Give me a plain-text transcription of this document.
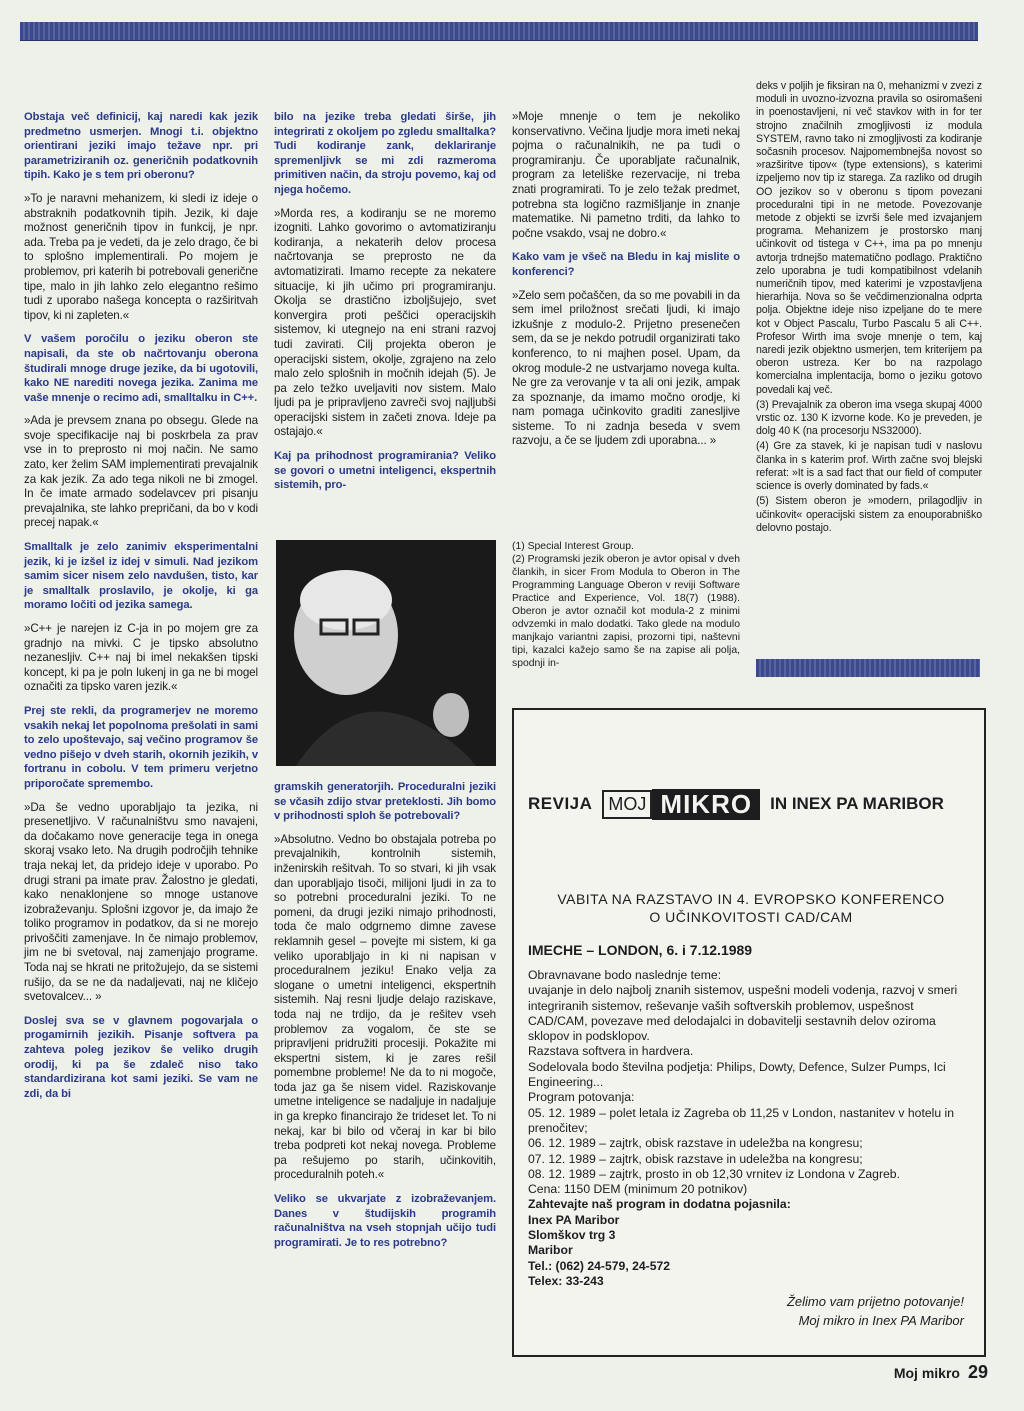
Obstaja več definicij, kaj naredi kak jezik predmetno usmerjen. Mnogi t.i. objektno orientirani jeziki imajo težave npr. pri parametriziranih oz. generičnih podatkovnih tipih. Kako je s tem pri oberonu?

»To je naravni mehanizem, ki sledi iz ideje o abstraknih podatkovnih tipih. Jezik, ki daje možnost generičnih tipov in funkcij, je npr. ada. Treba pa je vedeti, da je zelo drago, če bi to splošno implementirali. Po mojem je problemov, pri katerih bi potrebovali generične tipe, malo in jih lahko zelo elegantno rešimo tudi z uporabo našega koncepta o razširitvah tipov, ki ni zapleten.«

V vašem poročilu o jeziku oberon ste napisali, da ste ob načrtovanju oberona študirali mnoge druge jezike, da bi ugotovili, kako NE narediti novega jezika. Zanima me vaše mnenje o recimo adi, smalltalku in C++.

»Ada je prevsem znana po obsegu. Glede na svoje specifikacije naj bi poskrbela za prav vse in to preprosto ni moj način. Ne samo zato, ker želim SAM implementirati prevajalnik za kak jezik. Za ado tega nikoli ne bi zmogel. In če imate armado sodelavcev pri pisanju prevajalnika, ste lahko prepričani, da bo v kodi precej napak.«

Smalltalk je zelo zanimiv eksperimentalni jezik, ki je izšel iz idej v simuli. Nad jezikom samim sicer nisem zelo navdušen, tisto, kar je smalltalk proslavilo, je okolje, ki ga moramo ločiti od jezika samega.

»C++ je narejen iz C-ja in po mojem gre za gradnjo na mivki. C je tipsko absolutno nezanesljiv. C++ naj bi imel nekakšen tipski koncept, ki pa je poln lukenj in ga ne bi mogel označiti za tipsko varen jezik.«

Prej ste rekli, da programerjev ne moremo vsakih nekaj let popolnoma prešolati in sami to zelo upoštevajo, saj večino programov še vedno pišejo v dveh starih, okornih jezikih, v fortranu in cobolu. V tem primeru verjetno priporočate spremembo.

»Da še vedno uporabljajo ta jezika, ni presenetljivo. V računalništvu smo navajeni, da dočakamo nove generacije tega in onega skoraj vsako leto. Na drugih področjih tehnike traja nekaj let, da pridejo ideje v uporabo. Po drugi strani pa imate prav. Žalostno je gledati, kako nenaklonjene so mnoge ustanove izobraževanju. Splošni izgovor je, da imajo že toliko programov in podatkov, da si ne morejo privoščiti zamenjave. In če nimajo problemov, jim ne bi svetoval, naj zamenjajo programe. Toda naj se hkrati ne pritožujejo, da se sistemi rušijo, da se ne da nadaljevati, naj ne kličejo svetovalcev... »

Doslej sva se v glavnem pogovarjala o progamirnih jezikih. Pisanje softvera pa zahteva poleg jezikov še veliko drugih orodij, ki pa še zdaleč niso tako standardizirana kot sami jeziki. Se vam ne zdi, da bi

bilo na jezike treba gledati širše, jih integrirati z okoljem po zgledu smalltalka? Tudi kodiranje zank, deklariranje spremenljivk se mi zdi razmeroma primitiven način, da stroju povemo, kaj od njega hočemo.

»Morda res, a kodiranju se ne moremo izogniti. Lahko govorimo o avtomatiziranju kodiranja, a nekaterih delov procesa načrtovanja se preprosto ne da avtomatizirati. Imamo recepte za nekatere situacije, ki jih učimo pri programiranju. Okolja se drastično izboljšujejo, svet konvergira proti peščici operacijskih sistemov, ki utegnejo na eni strani razvoj tudi zavirati. Cilj projekta oberon je operacijski sistem, okolje, zgrajeno na zelo malo zelo splošnih in močnih idejah (5). Je pa zelo težko uveljaviti nov sistem. Malo ljudi pa je pripravljeno zavreči svoj najljubši operacijski sistem in začeti znova. Ideje pa ostajajo.«

Kaj pa prihodnost programirania? Veliko se govori o umetni inteligenci, ekspertnih sistemih, pro-

gramskih generatorjih. Proceduralni jeziki se včasih zdijo stvar preteklosti. Jih bomo v prihodnosti sploh še potrebovali?

»Absolutno. Vedno bo obstajala potreba po prevajalnikih, kontrolnih sistemih, inženirskih rešitvah. To so stvari, ki jih vsak dan uporabljajo tisoči, milijoni ljudi in za to so potrebni proceduralni jeziki. To ne pomeni, da drugi jeziki nimajo prihodnosti, toda če malo odgrnemo dimne zavese reklamnih gesel – povejte mi sistem, ki ga veliko uporabljajo in ki ni napisan v proceduralnem jeziku! Enako velja za slogane o umetni inteligenci, ekspertnih sistemih. Naj resni ljudje delajo raziskave, toda naj ne trdijo, da je rešitev vseh problemov za vogalom, če ste se pripravljeni pridružiti procesiji. Pokažite mi ekspertni sistem, ki je zares rešil pomembne probleme! Ne da to ni mogoče, toda jaz ga še nisem videl. Raziskovanje umetne inteligence se nadaljuje in nadaljuje in ga krepko financirajo že trideset let. To ni nekaj, kar bi bilo od včeraj in kar bi bilo treba podpreti kot nekaj novega. Probleme pa rešujemo po starih, učinkovitih, proceduralnih poteh.«

Veliko se ukvarjate z izobraževanjem. Danes v študijskih programih računalništva na vseh stopnjah učijo tudi programirati. Je to res potrebno?

»Moje mnenje o tem je nekoliko konservativno. Večina ljudje mora imeti nekaj pojma o računalnikih, ne pa tudi o programiranju. Če uporabljate računalnik, program za leteliške rezervacije, ni treba znati programirati. To je zelo težak predmet, potrebna sta logično razmišljanje in znanje matematike. Ni pametno trditi, da lahko to počne vsakdo, vsaj ne dobro.«

Kako vam je všeč na Bledu in kaj mislite o konferenci?

»Zelo sem počaščen, da so me povabili in da sem imel priložnost srečati ljudi, ki imajo izkušnje z modulo-2. Prijetno presenečen sem, da se je nekdo potrudil organizirati tako konferenco, to ni majhen posel. Upam, da okrog module-2 ne ustvarjamo novega kulta. Ne gre za verovanje v ta ali oni jezik, ampak za spoznanje, da imamo močno orodje, ki nam pomaga učinkovito graditi zanesljive sisteme. To ni zadnja beseda v svem razvoju, a če se ljudem zdi uporabna... »

(1) Special Interest Group.

(2) Programski jezik oberon je avtor opisal v dveh člankih, in sicer From Modula to Oberon in The Programming Language Oberon v reviji Software Practice and Experience, Vol. 18(7) (1988). Oberon je avtor označil kot modula-2 z minimi odvzemki in malo dodatki. Tako glede na modulo manjkajo variantni zapisi, prozorni tipi, naštevni tipi, kazalci kažejo samo še na zapise ali polja, spodnji in-

deks v poljih je fiksiran na 0, mehanizmi v zvezi z moduli in uvozno-izvozna pravila so osiromašeni in poenostavljeni, ni več stavkov with in for ter strojno značilnih zmogljivosti iz modula SYSTEM, ravno tako ni zmogljivosti za kodiranje sočasnih procesov. Najpomembnejša novost so »razširitve tipov« (type extensions), s katerimi izpeljemo nov tip iz starega. Za razliko od drugih OO jezikov so v oberonu s tipom povezani proceduralni tipi in ne metode. Povezovanje metode z objekti se izvrši šele med izvajanjem programa. Mehanizem je prostorsko manj učinkovit od tistega v C++, ima pa po mnenju avtorja trdnejšo matematično podlago. Praktično zelo uporabna je tudi kompatibilnost vdelanih numeričnih tipov, med katerimi je vzpostavljena hierarhija. Nova so še večdimenzionalna odprta polja. Objektne ideje niso izpeljane do te mere kot v Object Pascalu, Turbo Pascalu 5 ali C++. Profesor Wirth ima svoje mnenje o tem, kaj naredi jezik objektno usmerjen, tem kriterijem pa oberon ustreza. Ker bo na razpolago komercialna implentacija, bomo o jeziku gotovo povedali kaj več.

(3) Prevajalnik za oberon ima vsega skupaj 4000 vrstic oz. 130 K izvorne kode. Ko je preveden, je dolg 40 K (na procesorju NS32000).

(4) Gre za stavek, ki je napisan tudi v naslovu članka in s katerim prof. Wirth začne svoj blejski referat: »It is a sad fact that our field of computer science is overly dominated by fads.«

(5) Sistem oberon je »modern, prilagodljiv in učinkovit« operacijski sistem za enouporabniško delovno postajo.

REVIJA MOJ MIKRO	IN INEX PA MARIBOR
VABITA NA RAZSTAVO IN 4. EVROPSKO KONFERENCO
O UČINKOVITOSTI CAD/CAM
IMECHE – LONDON, 6. i 7.12.1989

Obravnavane bodo naslednje teme:

uvajanje in delo najbolj znanih sistemov, uspešni modeli vodenja, razvoj v smeri integriranih sistemov, reševanje vaših softverskih problemov, uspešnost CAD/CAM, povezave med delodajalci in dobavitelji sestavnih delov oziroma sklopov in podsklopov.

Razstava softvera in hardvera.

Sodelovala bodo številna podjetja: Philips, Dowty, Defence, Sulzer Pumps, Ici Engineering...

Program potovanja:

05. 12. 1989 – polet letala iz Zagreba ob 11,25 v London, nastanitev v hotelu in prenočitev;

06. 12. 1989 – zajtrk, obisk razstave in udeležba na kongresu;

07. 12. 1989 – zajtrk, obisk razstave in udeležba na kongresu;

08. 12. 1989 – zajtrk, prosto in ob 12,30 vrnitev iz Londona v Zagreb.

Cena: 1150 DEM (minimum 20 potnikov)

Zahtevajte naš program in dodatna pojasnila:

Inex PA Maribor

Slomškov trg 3

Maribor

Tel.: (062) 24-579, 24-572

Telex: 33-243

Želimo vam prijetno potovanje!
Moj mikro in Inex PA Maribor
Moj mikro 29
